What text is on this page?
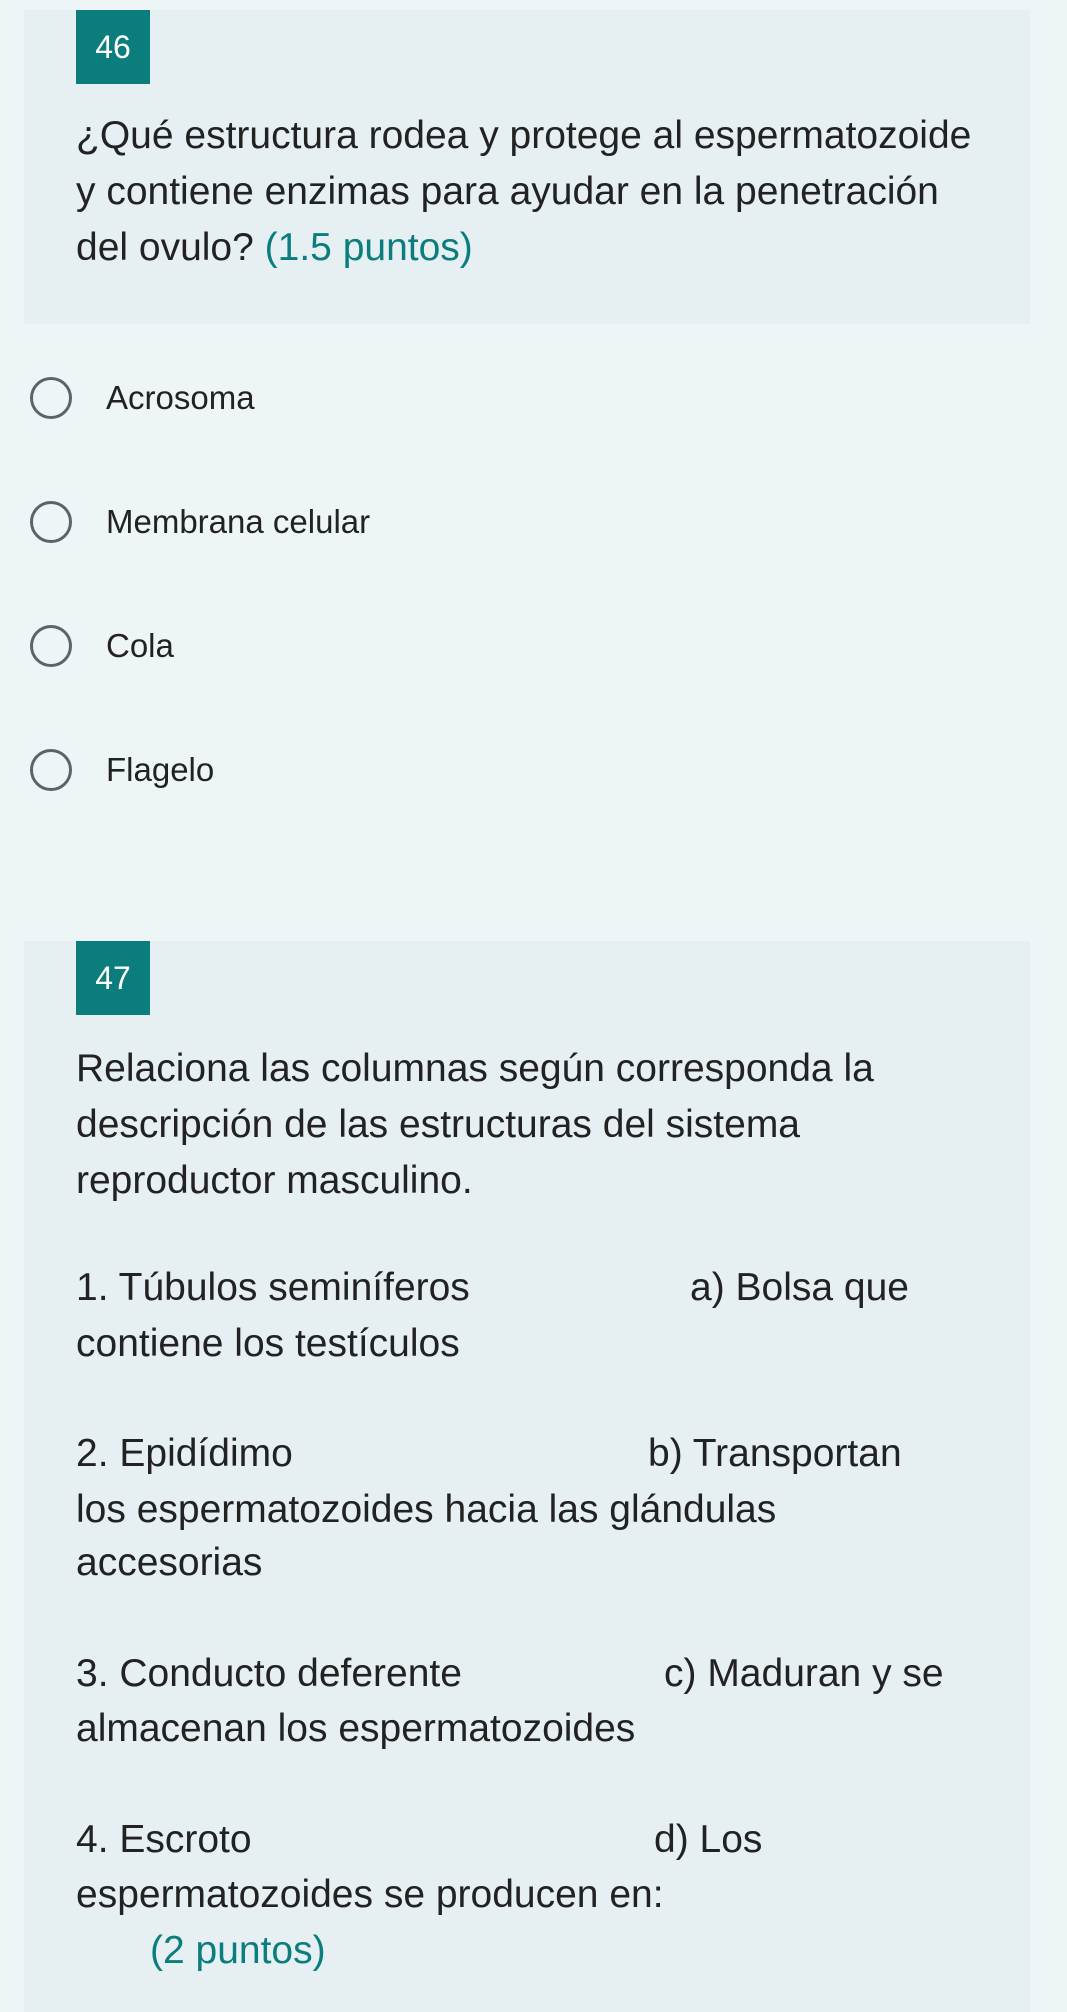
46
¿Qué estructura rodea y protege al espermatozoide y contiene enzimas para ayudar en la penetración del ovulo? (1.5 puntos)
Acrosoma
Membrana celular
Cola
Flagelo
47
Relaciona las columnas según corresponda la descripción de las estructuras del sistema reproductor masculino.
1. Túbulos seminíferos	a) Bolsa que
contiene los testículos
2. Epidídimo	b) Transportan
los espermatozoides hacia las glándulas
accesorias
3. Conducto deferente	c) Maduran y se
almacenan los espermatozoides
4. Escroto	d) Los
espermatozoides se producen en:
(2 puntos)
